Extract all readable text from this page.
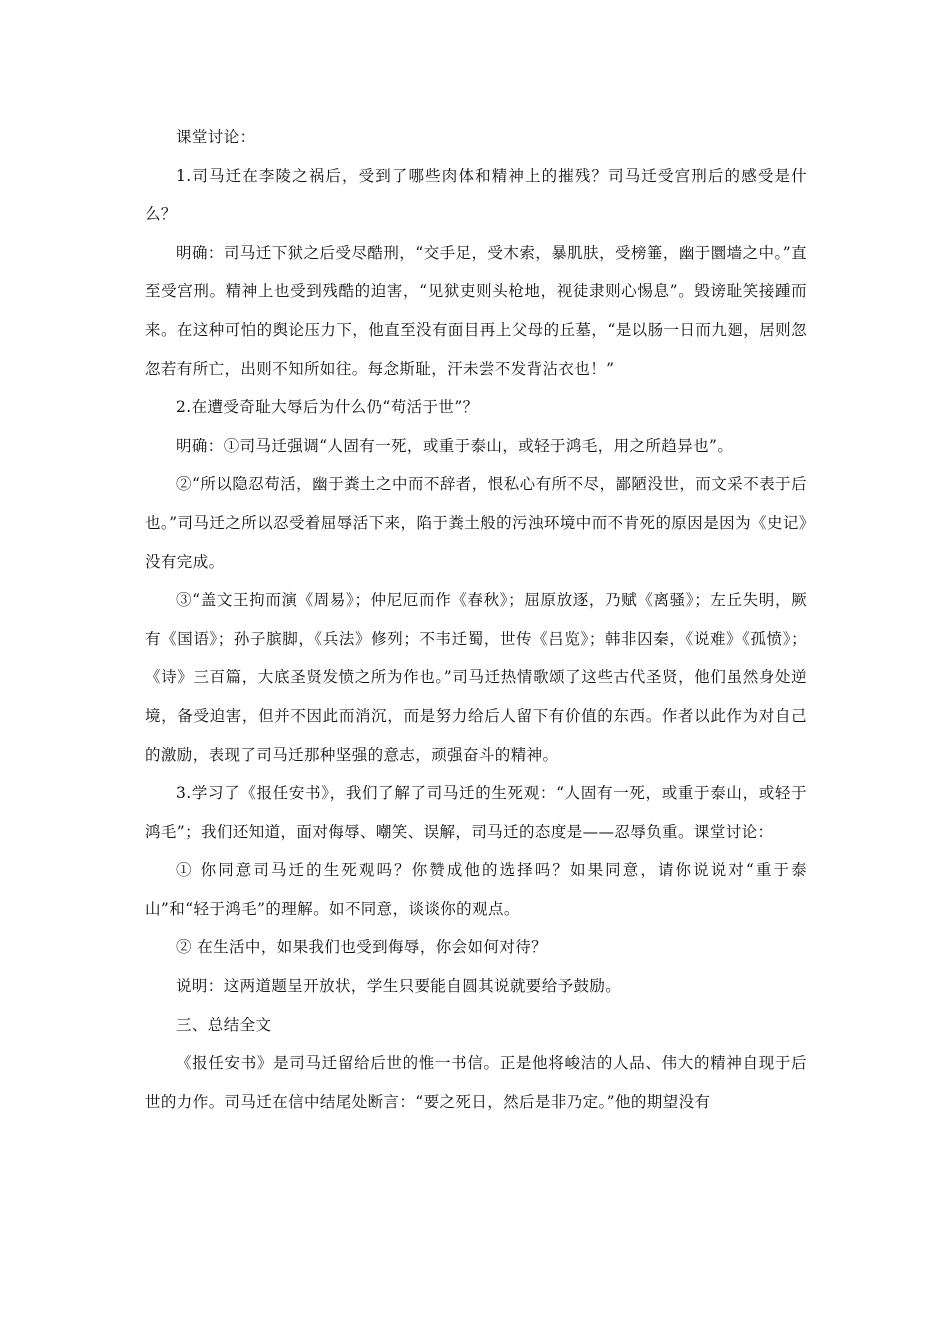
课堂讨论：

1.司马迁在李陵之祸后，受到了哪些肉体和精神上的摧残？司马迁受宫刑后的感受是什么？

明确：司马迁下狱之后受尽酷刑，“交手足，受木索，暴肌肤，受榜箠，幽于圜墙之中。”直至受宫刑。精神上也受到残酷的迫害，“见狱吏则头枪地，视徒隶则心惕息”。毁谤耻笑接踵而来。在这种可怕的舆论压力下，他直至没有面目再上父母的丘墓，“是以肠一日而九廻，居则忽忽若有所亡，出则不知所如往。每念斯耻，汗未尝不发背沾衣也！”

2.在遭受奇耻大辱后为什么仍“苟活于世”？

明确：①司马迁强调“人固有一死，或重于泰山，或轻于鸿毛，用之所趋异也”。

②“所以隐忍苟活，幽于粪土之中而不辞者，恨私心有所不尽，鄙陋没世，而文采不表于后也。”司马迁之所以忍受着屈辱活下来，陷于粪土般的污浊环境中而不肯死的原因是因为《史记》没有完成。

③“盖文王拘而演《周易》；仲尼厄而作《春秋》；屈原放逐，乃赋《离骚》；左丘失明，厥有《国语》；孙子膑脚，《兵法》修列；不韦迁蜀，世传《吕览》；韩非囚秦，《说难》《孤愤》；《诗》三百篇，大底圣贤发愤之所为作也。”司马迁热情歌颂了这些古代圣贤，他们虽然身处逆境，备受迫害，但并不因此而消沉，而是努力给后人留下有价值的东西。作者以此作为对自己的激励，表现了司马迁那种坚强的意志，顽强奋斗的精神。

3.学习了《报任安书》，我们了解了司马迁的生死观：“人固有一死，或重于泰山，或轻于鸿毛”；我们还知道，面对侮辱、嘲笑、误解，司马迁的态度是——忍辱负重。课堂讨论：

① 你同意司马迁的生死观吗？你赞成他的选择吗？如果同意，请你说说对“重于泰山”和“轻于鸿毛”的理解。如不同意，谈谈你的观点。

② 在生活中，如果我们也受到侮辱，你会如何对待？

说明：这两道题呈开放状，学生只要能自圆其说就要给予鼓励。

三、总结全文

《报任安书》是司马迁留给后世的惟一书信。正是他将峻洁的人品、伟大的精神自现于后世的力作。司马迁在信中结尾处断言：“要之死日，然后是非乃定。”他的期望没有
